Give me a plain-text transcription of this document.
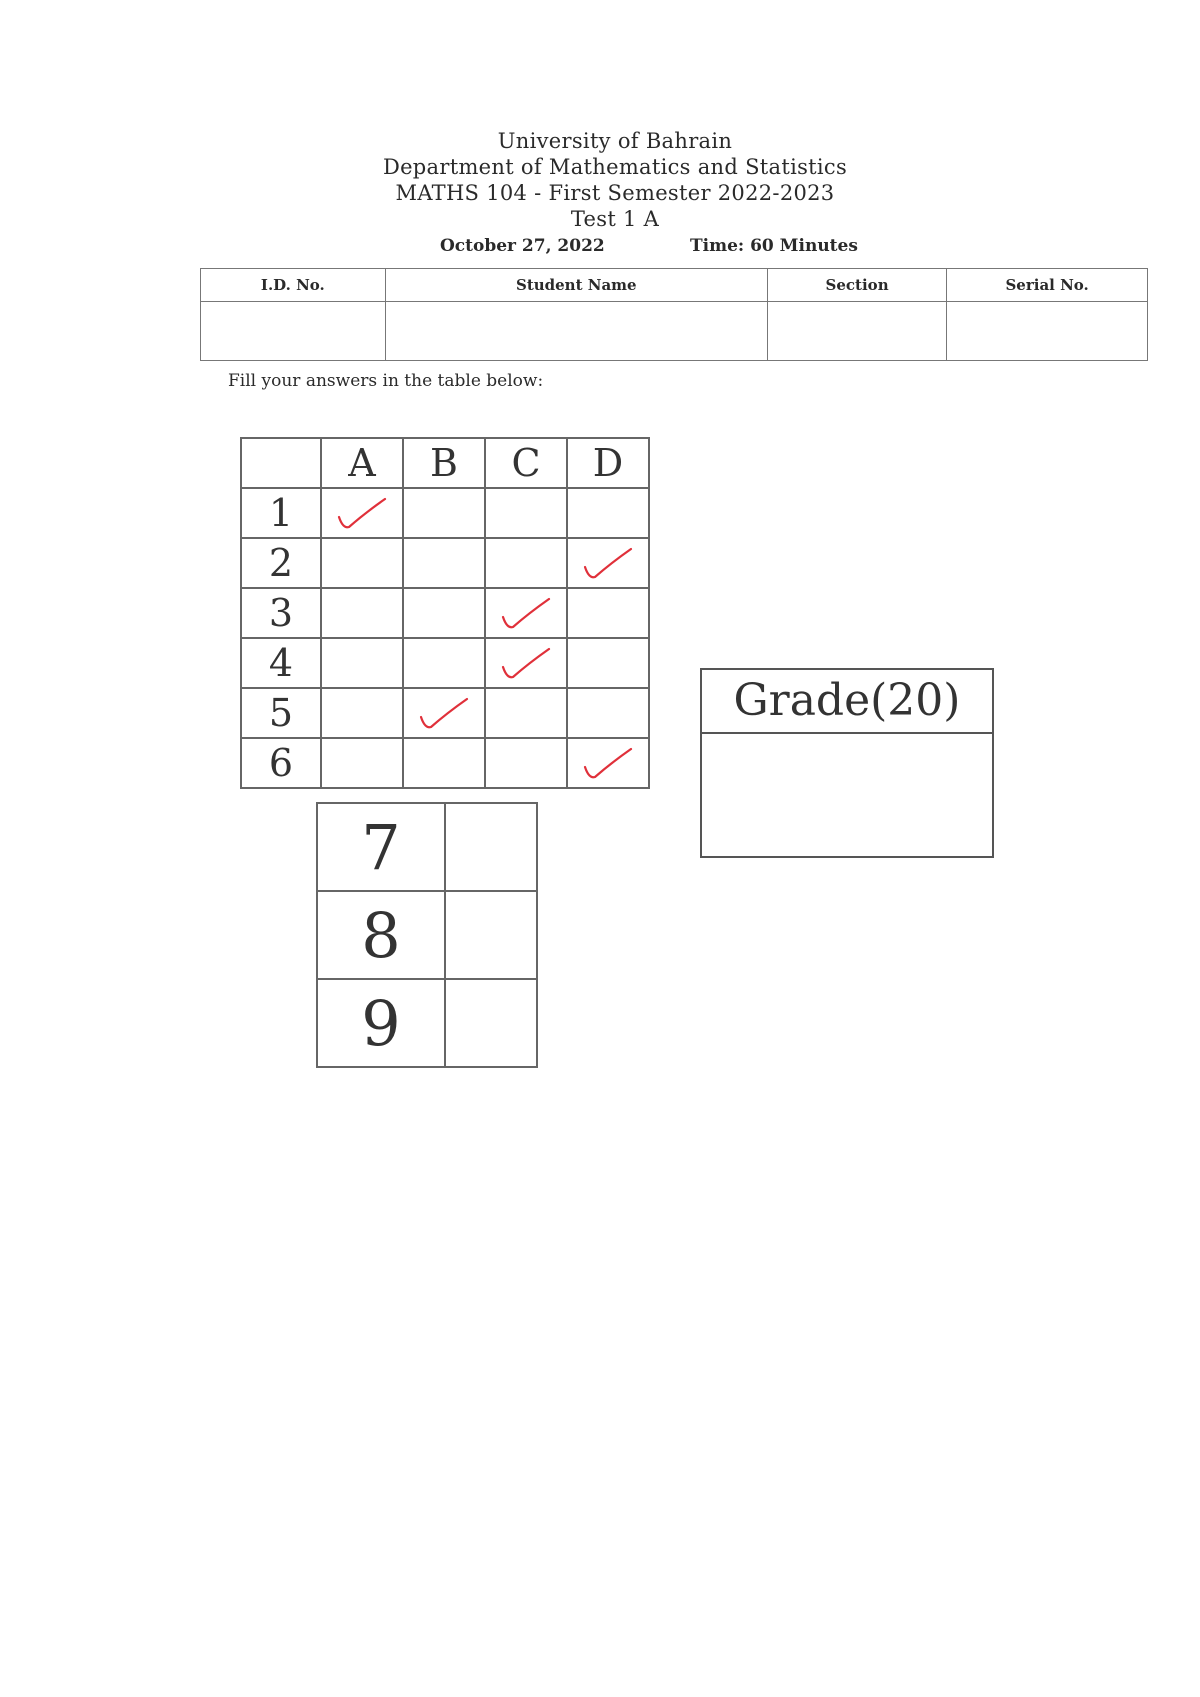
University of Bahrain
Department of Mathematics and Statistics
MATHS 104 - First Semester 2022-2023
Test 1 A
October 27, 2022	Time: 60 Minutes
I.D. No.	Student Name	Section	Serial No.

Fill your answers in the table below:
	A	B	C	D
1	

2				

3			

4			

5		

6				
7	
8	
9	
Grade(20)
